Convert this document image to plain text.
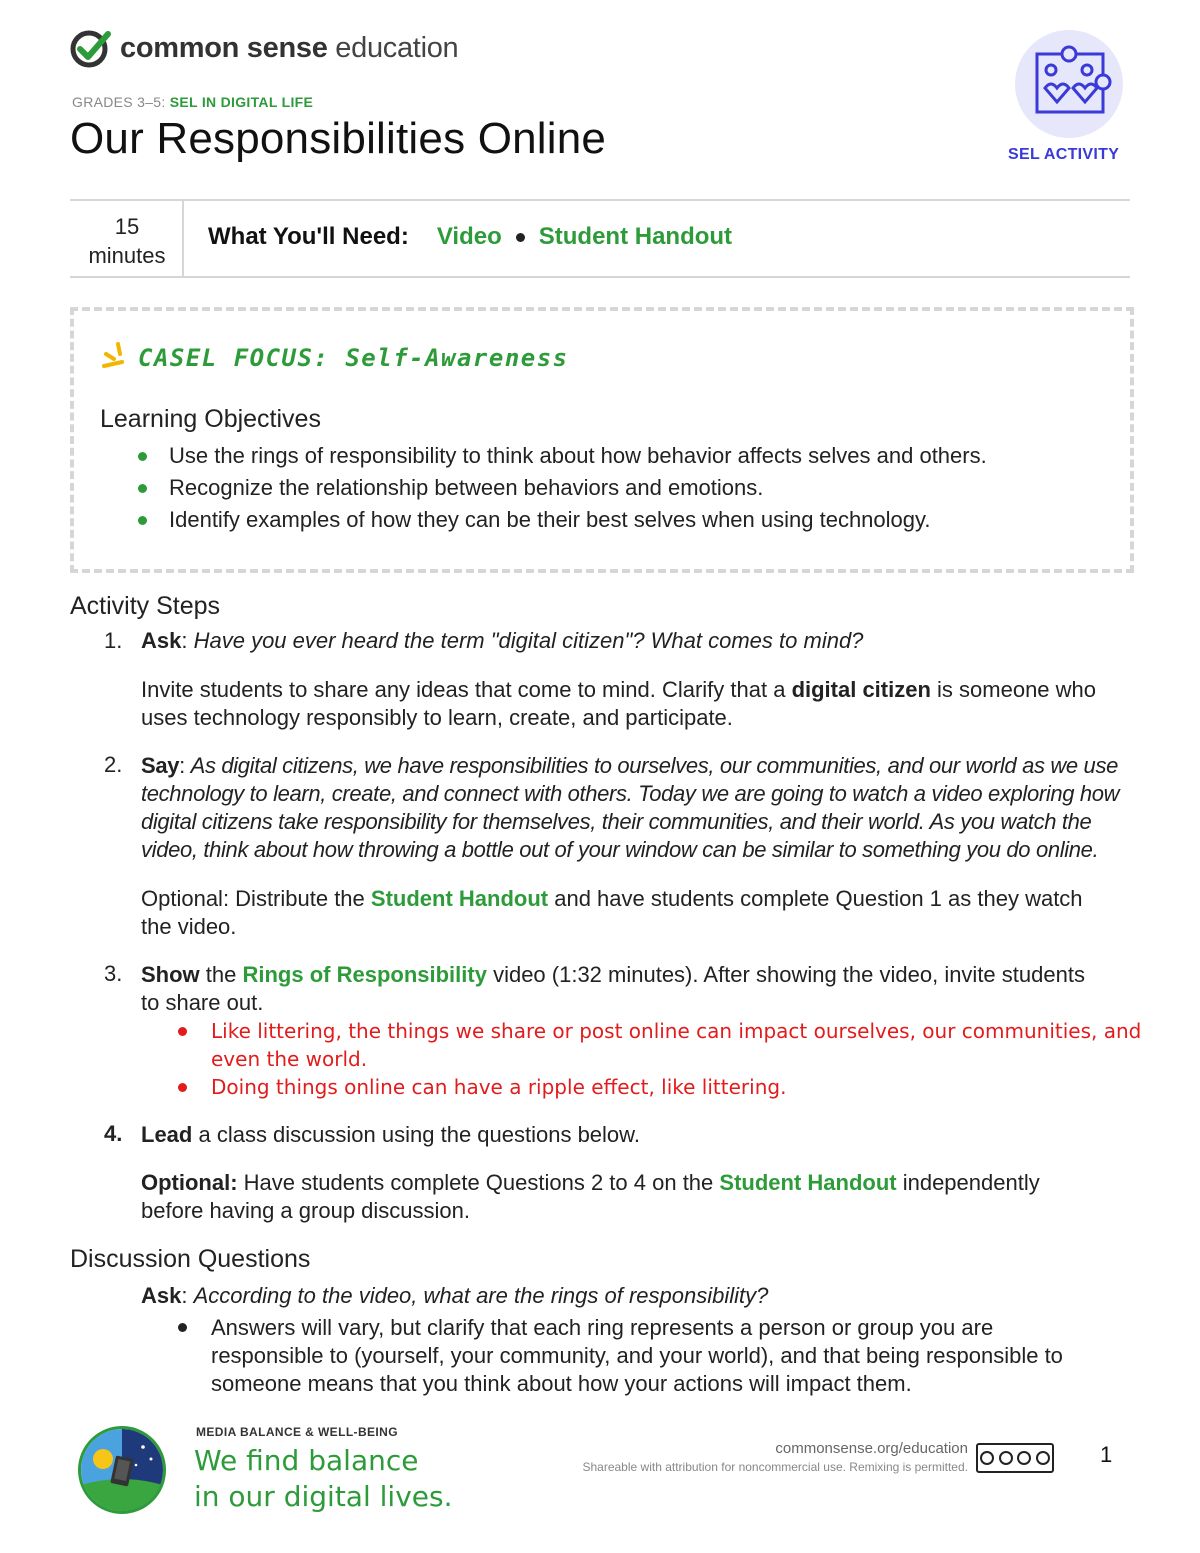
common sense education
GRADES 3–5: SEL IN DIGITAL LIFE
Our Responsibilities Online	SEL ACTIVITY
15
minutes
What You'll Need: Video Student Handout
CASEL FOCUS: Self-Awareness
Learning Objectives
Use the rings of responsibility to think about how behavior affects selves and others.
Recognize the relationship between behaviors and emotions.
Identify examples of how they can be their best selves when using technology.
Activity Steps
1. Ask: Have you ever heard the term "digital citizen"? What comes to mind?
Invite students to share any ideas that come to mind. Clarify that a digital citizen is someone who
uses technology responsibly to learn, create, and participate.
2. Say: As digital citizens, we have responsibilities to ourselves, our communities, and our world as we use
technology to learn, create, and connect with others. Today we are going to watch a video exploring how
digital citizens take responsibility for themselves, their communities, and their world. As you watch the
video, think about how throwing a bottle out of your window can be similar to something you do online.
Optional: Distribute the Student Handout and have students complete Question 1 as they watch
the video.
3. Show the Rings of Responsibility video (1:32 minutes). After showing the video, invite students
to share out.
Like littering, the things we share or post online can impact ourselves, our communities, and
even the world.
Doing things online can have a ripple effect, like littering.
4. Lead a class discussion using the questions below.
Optional: Have students complete Questions 2 to 4 on the Student Handout independently
before having a group discussion.
Discussion Questions
Ask: According to the video, what are the rings of responsibility?
Answers will vary, but clarify that each ring represents a person or group you are
responsible to (yourself, your community, and your world), and that being responsible to
someone means that you think about how your actions will impact them.
MEDIA BALANCE & WELL-BEING
We find balance
in our digital lives.
commonsense.org/education
Shareable with attribution for noncommercial use. Remixing is permitted.	1
